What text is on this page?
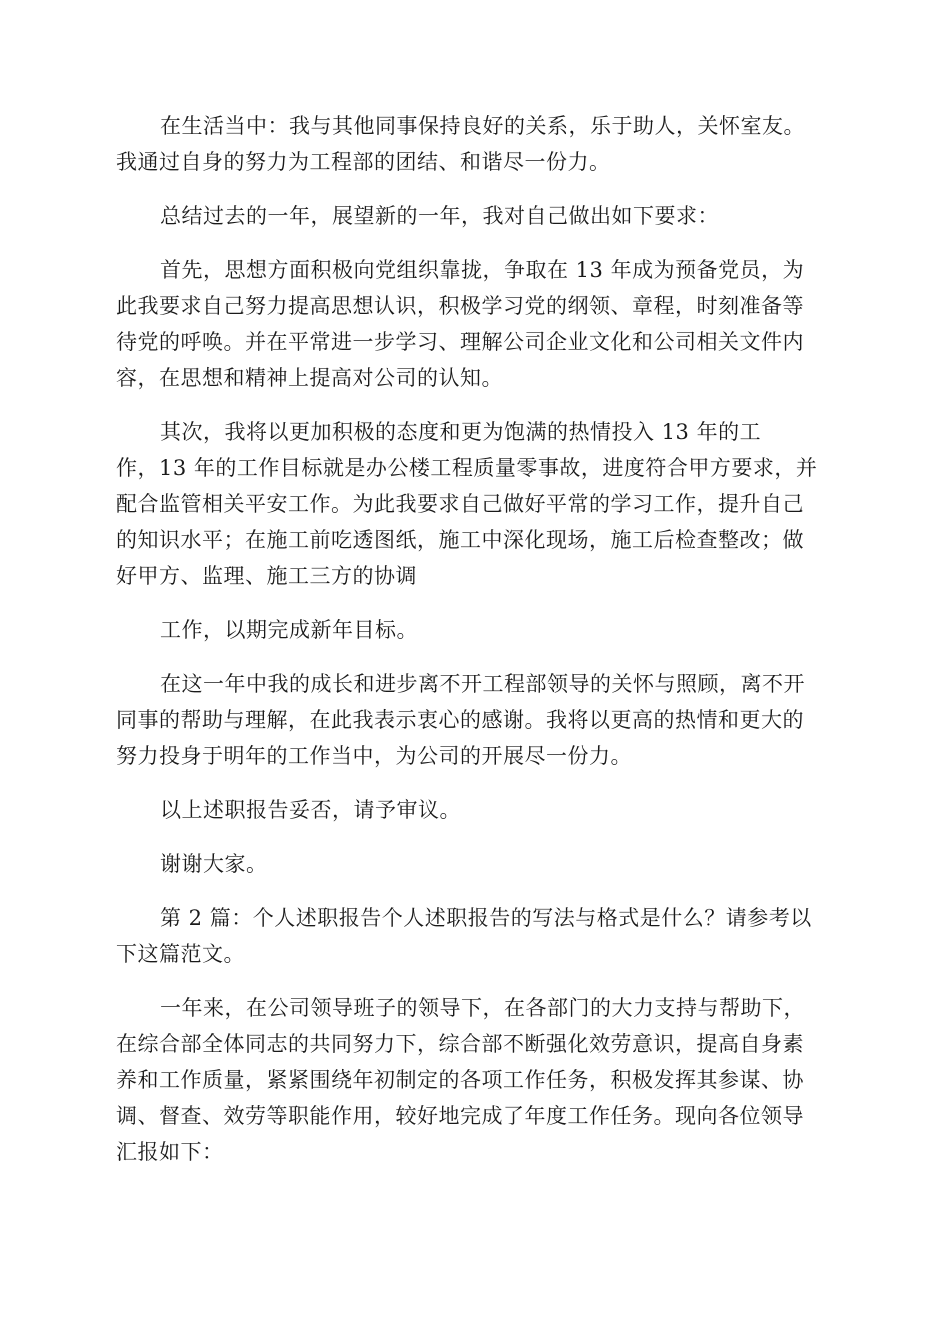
在生活当中：我与其他同事保持良好的关系，乐于助人，关怀室友。
我通过自身的努力为工程部的团结、和谐尽一份力。

总结过去的一年，展望新的一年，我对自己做出如下要求：

首先，思想方面积极向党组织靠拢，争取在 13 年成为预备党员，为
此我要求自己努力提高思想认识，积极学习党的纲领、章程，时刻准备等
待党的呼唤。并在平常进一步学习、理解公司企业文化和公司相关文件内
容，在思想和精神上提高对公司的认知。

其次，我将以更加积极的态度和更为饱满的热情投入 13 年的工
作，13 年的工作目标就是办公楼工程质量零事故，进度符合甲方要求，并
配合监管相关平安工作。为此我要求自己做好平常的学习工作，提升自己
的知识水平；在施工前吃透图纸，施工中深化现场，施工后检查整改；做
好甲方、监理、施工三方的协调

工作，以期完成新年目标。

在这一年中我的成长和进步离不开工程部领导的关怀与照顾，离不开
同事的帮助与理解，在此我表示衷心的感谢。我将以更高的热情和更大的
努力投身于明年的工作当中，为公司的开展尽一份力。

以上述职报告妥否，请予审议。

谢谢大家。

第 2 篇：个人述职报告个人述职报告的写法与格式是什么？请参考以
下这篇范文。

一年来，在公司领导班子的领导下，在各部门的大力支持与帮助下，
在综合部全体同志的共同努力下，综合部不断强化效劳意识，提高自身素
养和工作质量，紧紧围绕年初制定的各项工作任务，积极发挥其参谋、协
调、督查、效劳等职能作用，较好地完成了年度工作任务。现向各位领导
汇报如下：
